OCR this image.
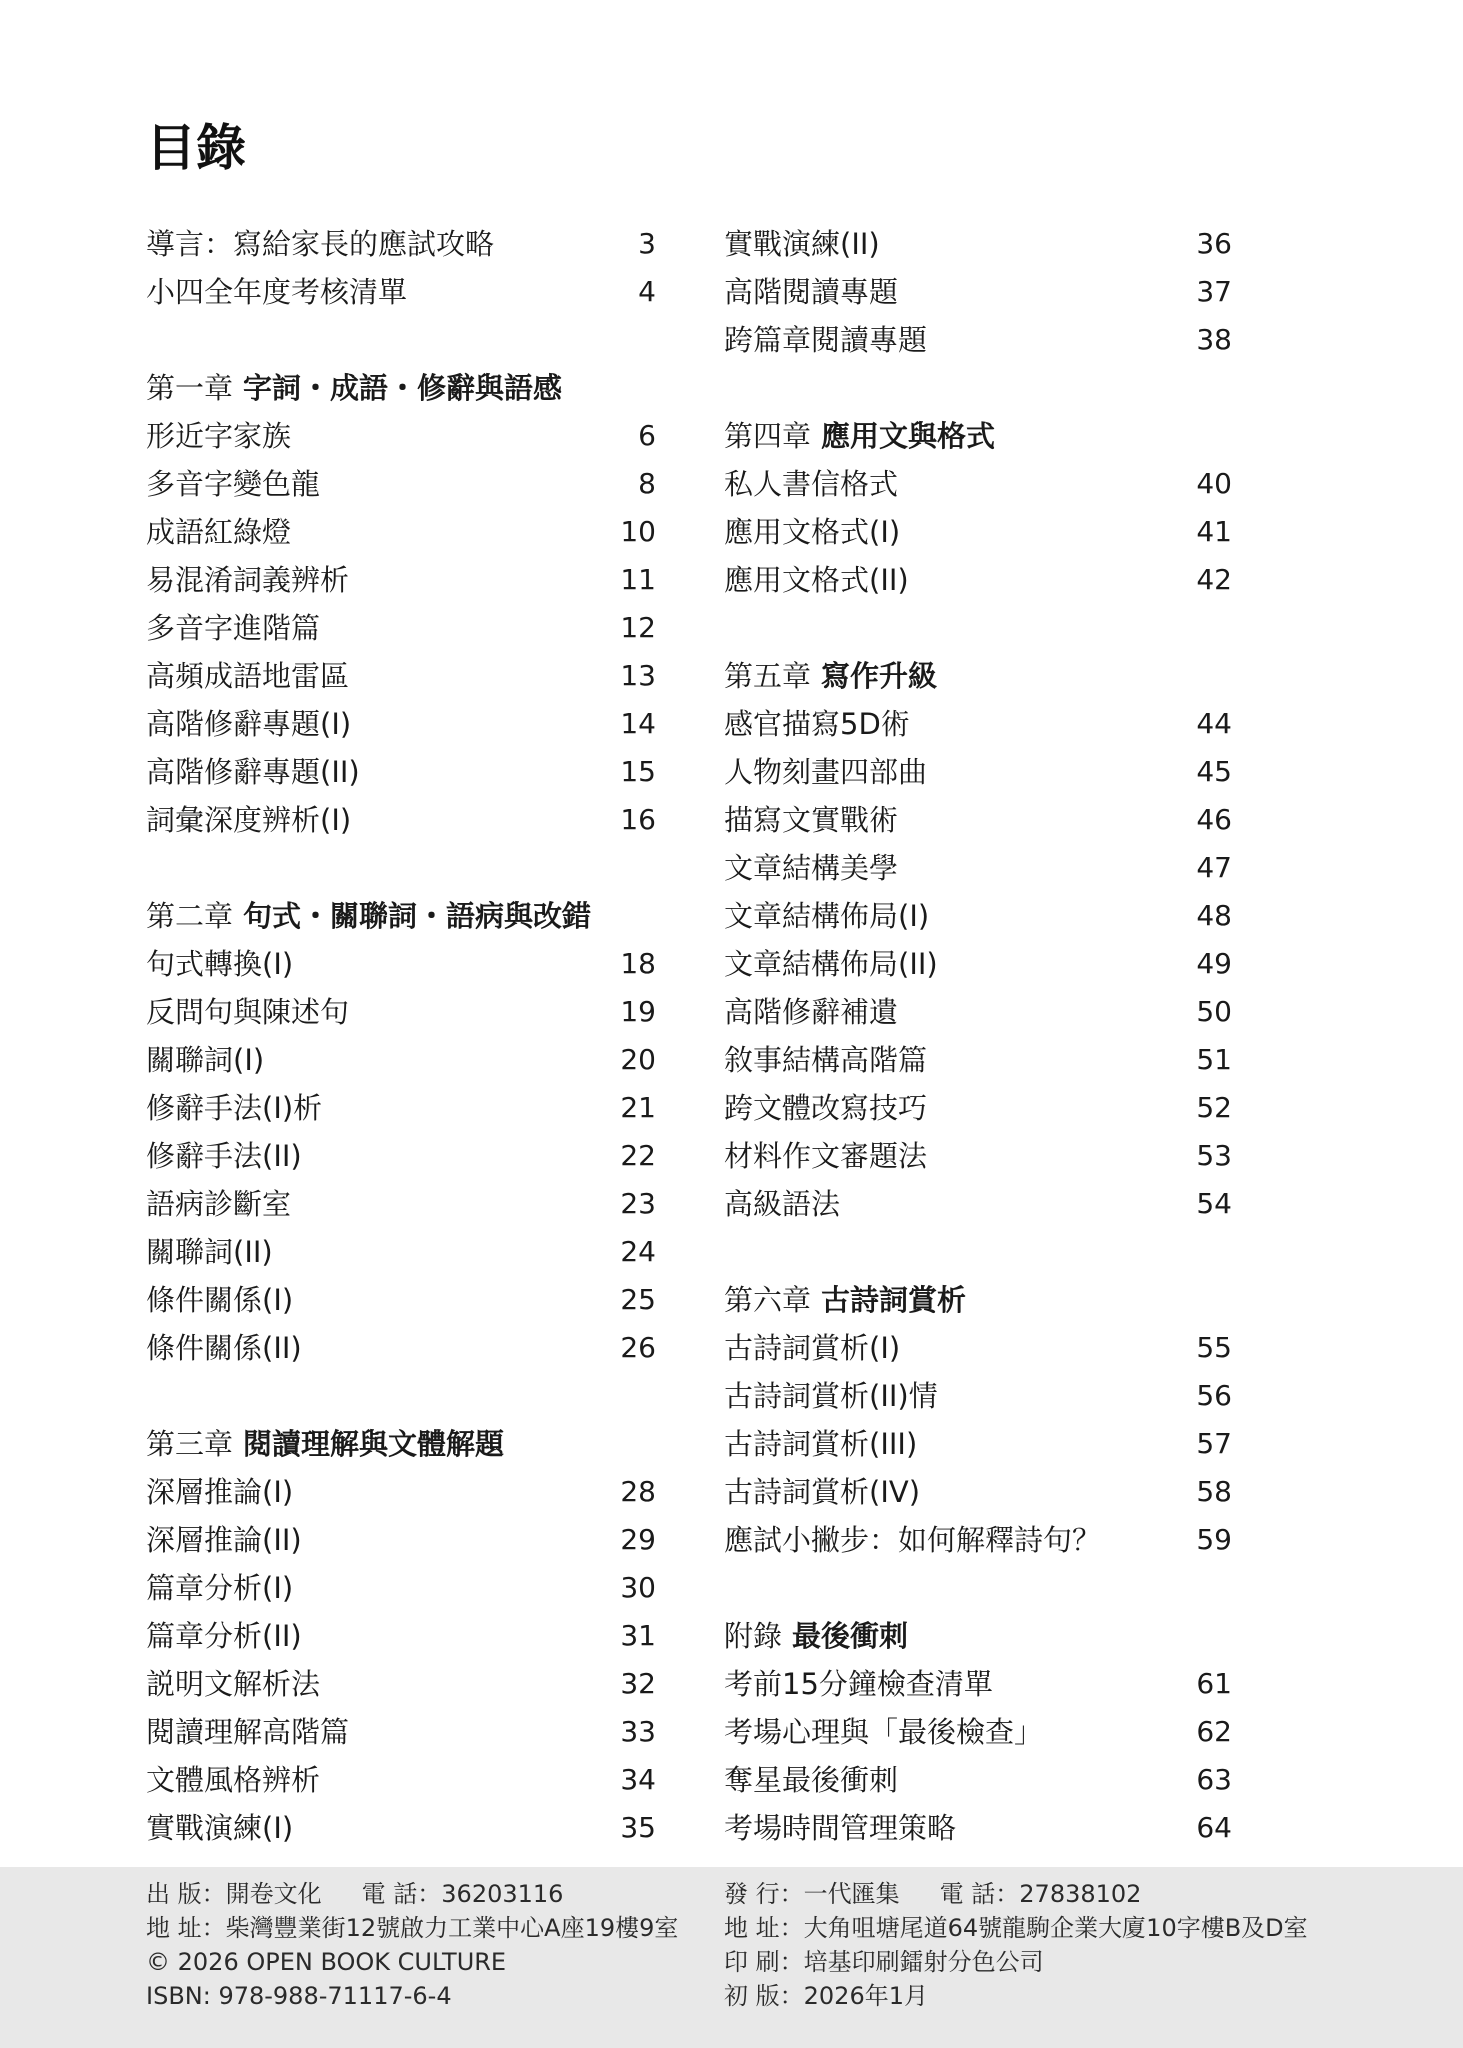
目錄
導言：寫給家長的應試攻略	3
小四全年度考核清單	4
第一章 字詞・成語・修辭與語感
形近字家族	6
多音字變色龍	8
成語紅綠燈	10
易混淆詞義辨析	11
多音字進階篇	12
高頻成語地雷區	13
高階修辭專題(I)	14
高階修辭專題(II)	15
詞彙深度辨析(I)	16
第二章 句式・關聯詞・語病與改錯
句式轉換(I)	18
反問句與陳述句	19
關聯詞(I)	20
修辭手法(I)析	21
修辭手法(II)	22
語病診斷室	23
關聯詞(II)	24
條件關係(I)	25
條件關係(II)	26
第三章 閱讀理解與文體解題
深層推論(I)	28
深層推論(II)	29
篇章分析(I)	30
篇章分析(II)	31
説明文解析法	32
閱讀理解高階篇	33
文體風格辨析	34
實戰演練(I)	35
實戰演練(II)	36
高階閱讀專題	37
跨篇章閱讀專題	38
第四章 應用文與格式
私人書信格式	40
應用文格式(I)	41
應用文格式(II)	42
第五章 寫作升級
感官描寫5D術	44
人物刻畫四部曲	45
描寫文實戰術	46
文章結構美學	47
文章結構佈局(I)	48
文章結構佈局(II)	49
高階修辭補遺	50
敘事結構高階篇	51
跨文體改寫技巧	52
材料作文審題法	53
高級語法	54
第六章 古詩詞賞析
古詩詞賞析(I)	55
古詩詞賞析(II)情	56
古詩詞賞析(III)	57
古詩詞賞析(IV)	58
應試小撇步：如何解釋詩句？	59
附錄 最後衝刺
考前15分鐘檢查清單	61
考場心理與「最後檢查」	62
奪星最後衝刺	63
考場時間管理策略	64
出 版：開卷文化 電 話：36203116
地 址：柴灣豐業街12號啟力工業中心A座19樓9室
© 2026 OPEN BOOK CULTURE
ISBN: 978-988-71117-6-4
發 行：一代匯集 電 話：27838102
地 址：大角咀塘尾道64號龍駒企業大廈10字樓B及D室
印 刷：培基印刷鐳射分色公司
初 版：2026年1月
